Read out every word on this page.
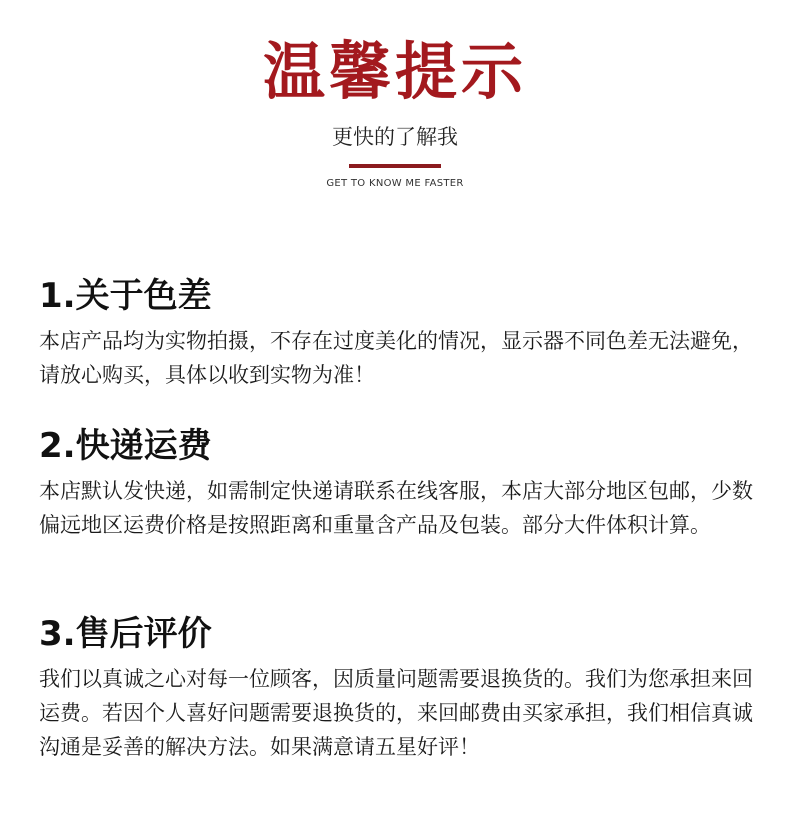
温馨提示
更快的了解我
GET TO KNOW ME FASTER
1.关于色差

本店产品均为实物拍摄，不存在过度美化的情况，显示器不同色差无法避免，请放心购买，具体以收到实物为准！

2.快递运费

本店默认发快递，如需制定快递请联系在线客服，本店大部分地区包邮，少数偏远地区运费价格是按照距离和重量含产品及包装。部分大件体积计算。

3.售后评价

我们以真诚之心对每一位顾客，因质量问题需要退换货的。我们为您承担来回运费。若因个人喜好问题需要退换货的，来回邮费由买家承担，我们相信真诚沟通是妥善的解决方法。如果满意请五星好评！
